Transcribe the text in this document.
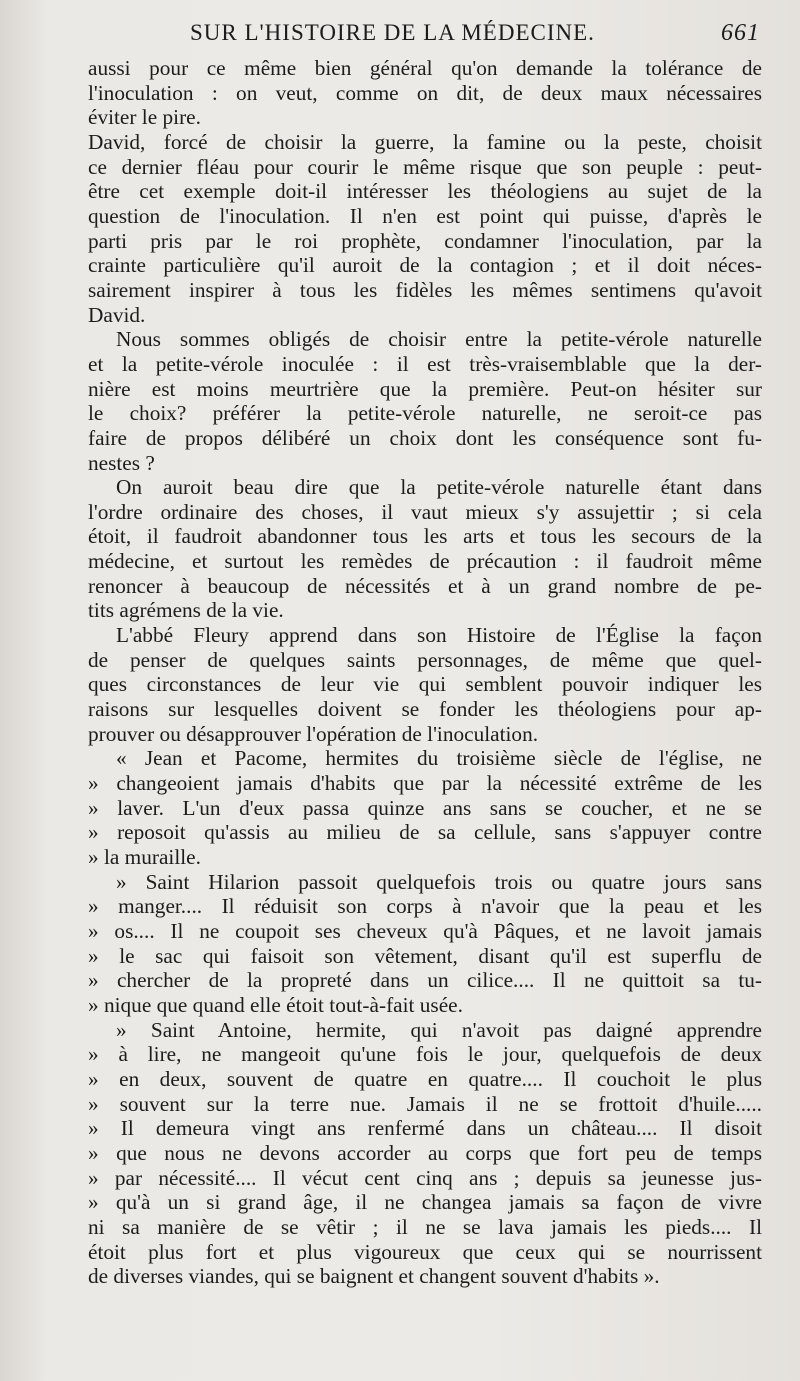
SUR L'HISTOIRE DE LA MÉDECINE.	661
aussi pour ce même bien général qu'on demande la tolérance de
l'inoculation : on veut, comme on dit, de deux maux nécessaires
éviter le pire.
David, forcé de choisir la guerre, la famine ou la peste, choisit
ce dernier fléau pour courir le même risque que son peuple : peut-
être cet exemple doit-il intéresser les théologiens au sujet de la
question de l'inoculation. Il n'en est point qui puisse, d'après le
parti pris par le roi prophète, condamner l'inoculation, par la
crainte particulière qu'il auroit de la contagion ; et il doit néces-
sairement inspirer à tous les fidèles les mêmes sentimens qu'avoit
David.
Nous sommes obligés de choisir entre la petite-vérole naturelle
et la petite-vérole inoculée : il est très-vraisemblable que la der-
nière est moins meurtrière que la première. Peut-on hésiter sur
le choix? préférer la petite-vérole naturelle, ne seroit-ce pas
faire de propos délibéré un choix dont les conséquence sont fu-
nestes ?
On auroit beau dire que la petite-vérole naturelle étant dans
l'ordre ordinaire des choses, il vaut mieux s'y assujettir ; si cela
étoit, il faudroit abandonner tous les arts et tous les secours de la
médecine, et surtout les remèdes de précaution : il faudroit même
renoncer à beaucoup de nécessités et à un grand nombre de pe-
tits agrémens de la vie.
L'abbé Fleury apprend dans son Histoire de l'Église la façon
de penser de quelques saints personnages, de même que quel-
ques circonstances de leur vie qui semblent pouvoir indiquer les
raisons sur lesquelles doivent se fonder les théologiens pour ap-
prouver ou désapprouver l'opération de l'inoculation.
« Jean et Pacome, hermites du troisième siècle de l'église, ne
» changeoient jamais d'habits que par la nécessité extrême de les
» laver. L'un d'eux passa quinze ans sans se coucher, et ne se
» reposoit qu'assis au milieu de sa cellule, sans s'appuyer contre
» la muraille.
» Saint Hilarion passoit quelquefois trois ou quatre jours sans
» manger.... Il réduisit son corps à n'avoir que la peau et les
» os.... Il ne coupoit ses cheveux qu'à Pâques, et ne lavoit jamais
» le sac qui faisoit son vêtement, disant qu'il est superflu de
» chercher de la propreté dans un cilice.... Il ne quittoit sa tu-
» nique que quand elle étoit tout-à-fait usée.
» Saint Antoine, hermite, qui n'avoit pas daigné apprendre
» à lire, ne mangeoit qu'une fois le jour, quelquefois de deux
» en deux, souvent de quatre en quatre.... Il couchoit le plus
» souvent sur la terre nue. Jamais il ne se frottoit d'huile.....
» Il demeura vingt ans renfermé dans un château.... Il disoit
» que nous ne devons accorder au corps que fort peu de temps
» par nécessité.... Il vécut cent cinq ans ; depuis sa jeunesse jus-
» qu'à un si grand âge, il ne changea jamais sa façon de vivre
ni sa manière de se vêtir ; il ne se lava jamais les pieds.... Il
étoit plus fort et plus vigoureux que ceux qui se nourrissent
de diverses viandes, qui se baignent et changent souvent d'habits ».
